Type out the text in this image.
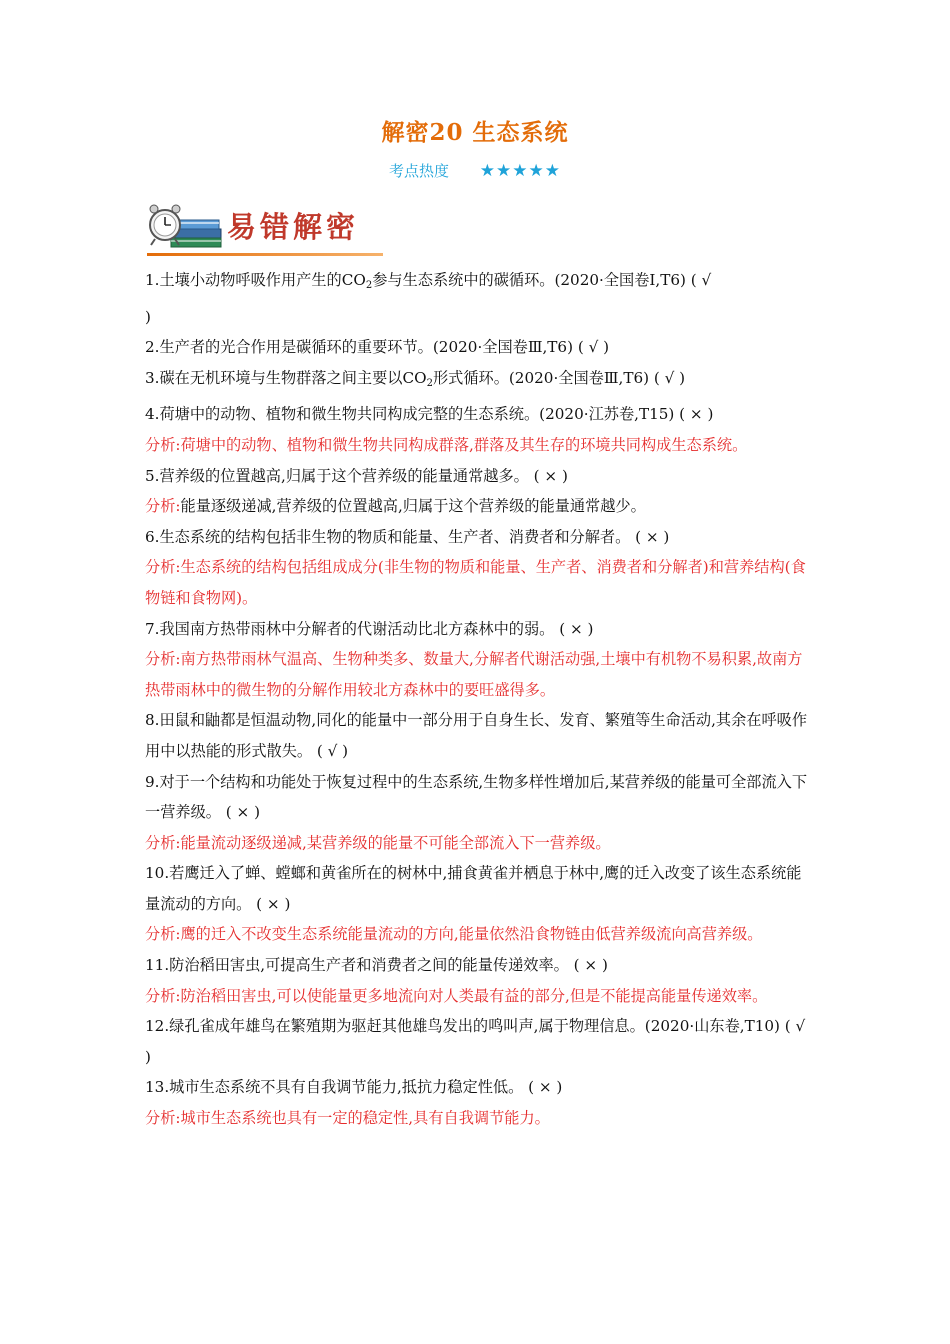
解密20 生态系统
考点热度 ★★★★★
易错解密

1.土壤小动物呼吸作用产生的$CO_2$参与生态系统中的碳循环。(2020·全国卷Ⅰ,T6) ( √
)

2.生产者的光合作用是碳循环的重要环节。(2020·全国卷Ⅲ,T6) ( √ )

3.碳在无机环境与生物群落之间主要以$CO_2$形式循环。(2020·全国卷Ⅲ,T6) ( √ )

4.荷塘中的动物、植物和微生物共同构成完整的生态系统。(2020·江苏卷,T15) ( × )

分析:荷塘中的动物、植物和微生物共同构成群落,群落及其生存的环境共同构成生态系统。

5.营养级的位置越高,归属于这个营养级的能量通常越多。 ( × )

分析:能量逐级递减,营养级的位置越高,归属于这个营养级的能量通常越少。

6.生态系统的结构包括非生物的物质和能量、生产者、消费者和分解者。 ( × )

分析:生态系统的结构包括组成成分(非生物的物质和能量、生产者、消费者和分解者)和营养结构(食物链和食物网)。

7.我国南方热带雨林中分解者的代谢活动比北方森林中的弱。 ( × )

分析:南方热带雨林气温高、生物种类多、数量大,分解者代谢活动强,土壤中有机物不易积累,故南方热带雨林中的微生物的分解作用较北方森林中的要旺盛得多。

8.田鼠和鼬都是恒温动物,同化的能量中一部分用于自身生长、发育、繁殖等生命活动,其余在呼吸作用中以热能的形式散失。 ( √ )

9.对于一个结构和功能处于恢复过程中的生态系统,生物多样性增加后,某营养级的能量可全部流入下一营养级。 ( × )

分析:能量流动逐级递减,某营养级的能量不可能全部流入下一营养级。

10.若鹰迁入了蝉、螳螂和黄雀所在的树林中,捕食黄雀并栖息于林中,鹰的迁入改变了该生态系统能量流动的方向。 ( × )

分析:鹰的迁入不改变生态系统能量流动的方向,能量依然沿食物链由低营养级流向高营养级。

11.防治稻田害虫,可提高生产者和消费者之间的能量传递效率。 ( × )

分析:防治稻田害虫,可以使能量更多地流向对人类最有益的部分,但是不能提高能量传递效率。

12.绿孔雀成年雄鸟在繁殖期为驱赶其他雄鸟发出的鸣叫声,属于物理信息。(2020·山东卷,T10) ( √ )

13.城市生态系统不具有自我调节能力,抵抗力稳定性低。 ( × )

分析:城市生态系统也具有一定的稳定性,具有自我调节能力。
